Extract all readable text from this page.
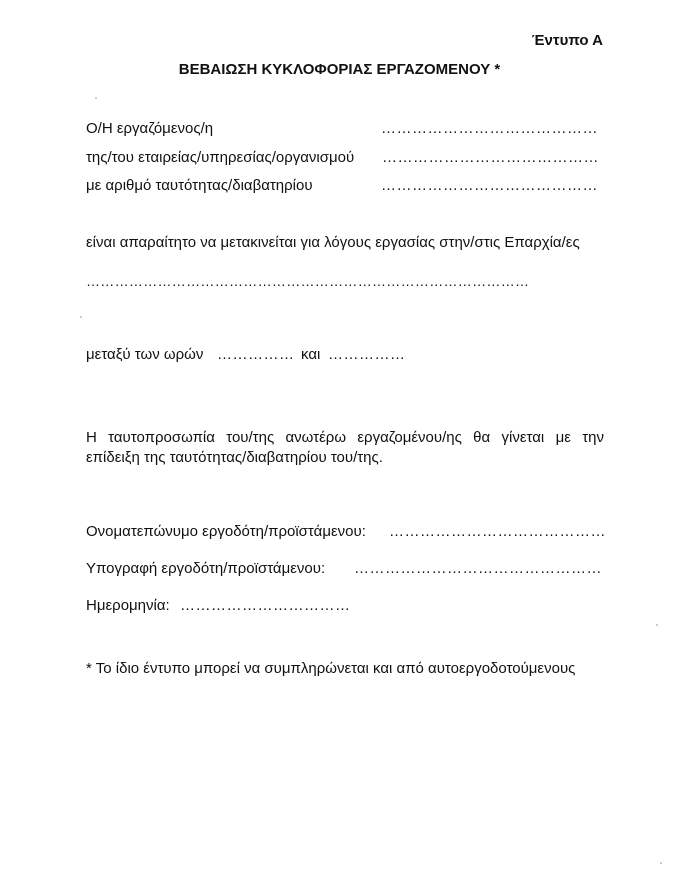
Έντυπο Α
ΒΕΒΑΙΩΣΗ ΚΥΚΛΟΦΟΡΙΑΣ ΕΡΓΑΖΟΜΕΝΟΥ *
Ο/Η εργαζόμενος/η	……………………………………
της/του εταιρείας/υπηρεσίας/οργανισμού ……………………………………
με αριθμό ταυτότητας/διαβατηρίου	……………………………………
είναι απαραίτητο να μετακινείται για λόγους εργασίας στην/στις Επαρχία/ες
…………………………………………………………………………………
μεταξύ των ωρών …………… και ……………
Η ταυτοπροσωπία του/της ανωτέρω εργαζομένου/ης θα γίνεται με την επίδειξη της ταυτότητας/διαβατηρίου του/της.
Ονοματεπώνυμο εργοδότη/προϊστάμενου: ……………………………………
Υπογραφή εργοδότη/προϊστάμενου: …………………………………………
Ημερομηνία: ……………………………
* Το ίδιο έντυπο μπορεί να συμπληρώνεται και από αυτοεργοδοτούμενους
